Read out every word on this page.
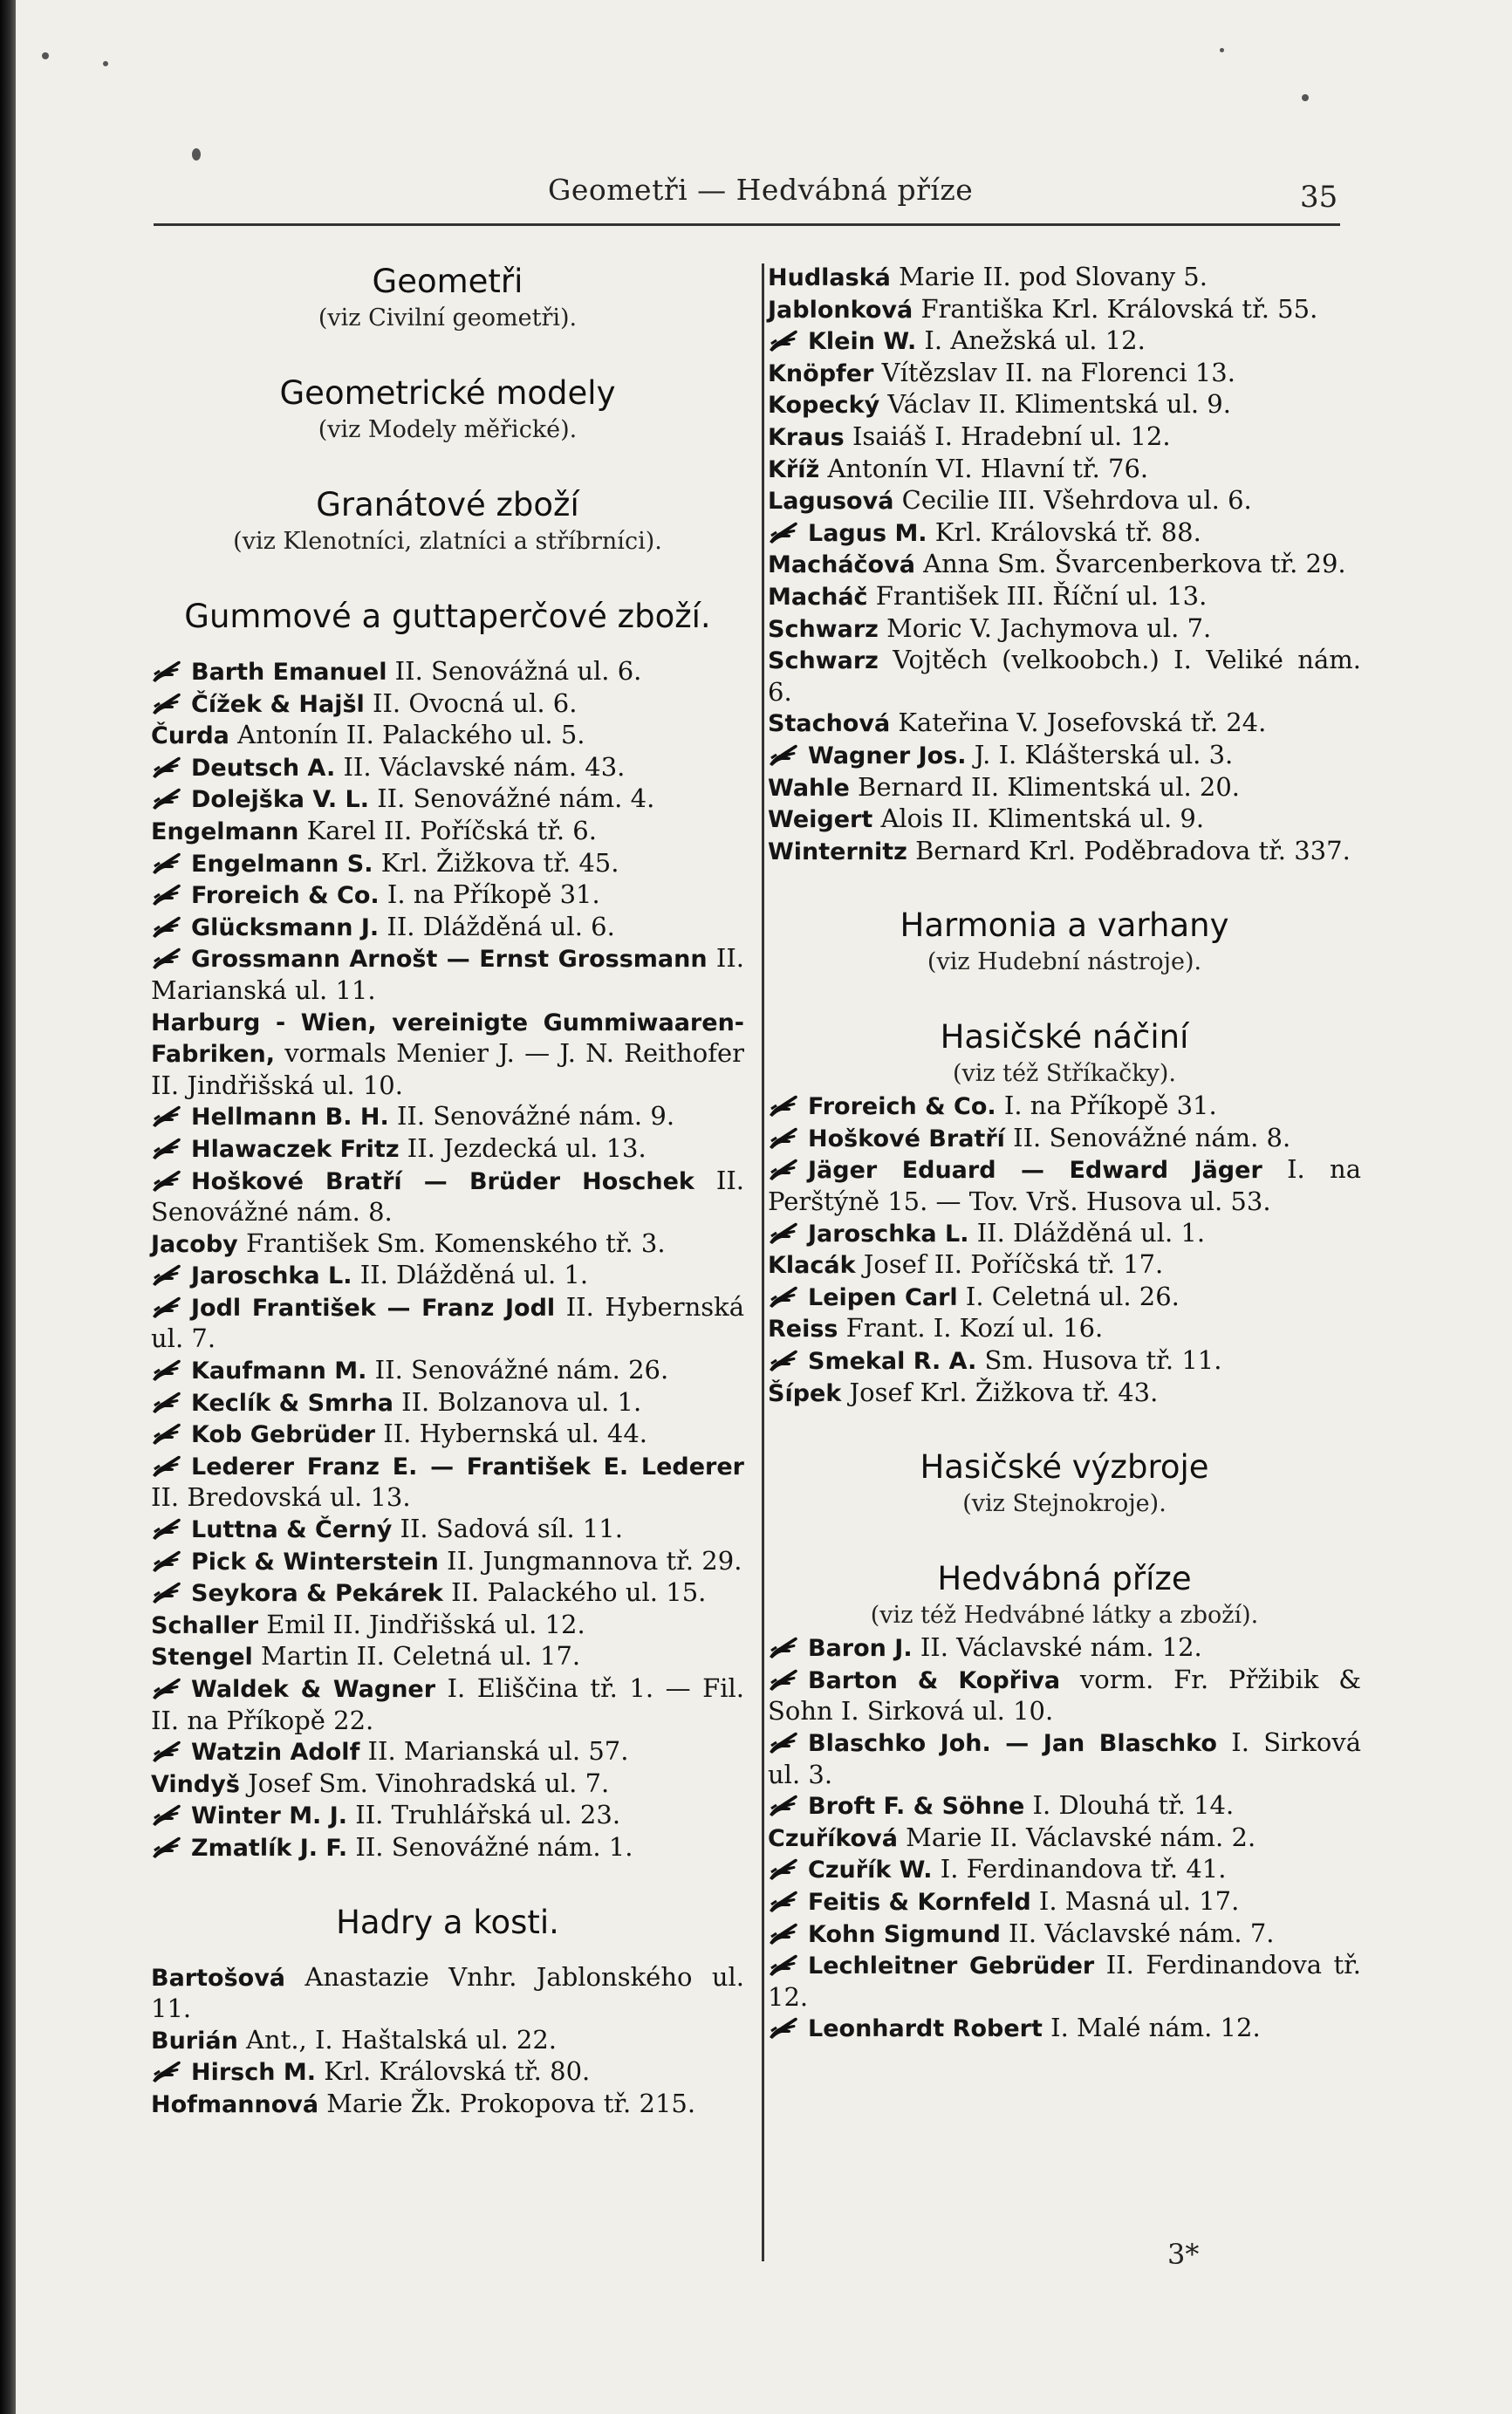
Geometři — Hedvábná příze	35
Geometři
(viz Civilní geometři).
Geometrické modely
(viz Modely měřické).
Granátové zboží
(viz Klenotníci, zlatníci a stříbrníci).
Gummové a guttaperčové zboží.
Barth Emanuel II. Senovážná ul. 6.
Čížek & Hajšl II. Ovocná ul. 6.
Čurda Antonín II. Palackého ul. 5.
Deutsch A. II. Václavské nám. 43.
Dolejška V. L. II. Senovážné nám. 4.
Engelmann Karel II. Poříčská tř. 6.
Engelmann S. Krl. Žižkova tř. 45.
Froreich & Co. I. na Příkopě 31.
Glücksmann J. II. Dlážděná ul. 6.
Grossmann Arnošt — Ernst Grossmann II. Marianská ul. 11.
Harburg - Wien, vereinigte Gummiwaaren-Fabriken, vormals Menier J. — J. N. Reithofer II. Jindřišská ul. 10.
Hellmann B. H. II. Senovážné nám. 9.
Hlawaczek Fritz II. Jezdecká ul. 13.
Hoškové Bratří — Brüder Hoschek II. Senovážné nám. 8.
Jacoby František Sm. Komenského tř. 3.
Jaroschka L. II. Dlážděná ul. 1.
Jodl František — Franz Jodl II. Hybernská ul. 7.
Kaufmann M. II. Senovážné nám. 26.
Keclík & Smrha II. Bolzanova ul. 1.
Kob Gebrüder II. Hybernská ul. 44.
Lederer Franz E. — František E. Lederer II. Bredovská ul. 13.
Luttna & Černý II. Sadová síl. 11.
Pick & Winterstein II. Jungmannova tř. 29.
Seykora & Pekárek II. Palackého ul. 15.
Schaller Emil II. Jindřišská ul. 12.
Stengel Martin II. Celetná ul. 17.
Waldek & Wagner I. Eliščina tř. 1. — Fil. II. na Příkopě 22.
Watzin Adolf II. Marianská ul. 57.
Vindyš Josef Sm. Vinohradská ul. 7.
Winter M. J. II. Truhlářská ul. 23.
Zmatlík J. F. II. Senovážné nám. 1.
Hadry a kosti.
Bartošová Anastazie Vnhr. Jablonského ul. 11.
Burián Ant., I. Haštalská ul. 22.
Hirsch M. Krl. Královská tř. 80.
Hofmannová Marie Žk. Prokopova tř. 215.
Hudlaská Marie II. pod Slovany 5.
Jablonková Františka Krl. Královská tř. 55.
Klein W. I. Anežská ul. 12.
Knöpfer Vítězslav II. na Florenci 13.
Kopecký Václav II. Klimentská ul. 9.
Kraus Isaiáš I. Hradební ul. 12.
Kříž Antonín VI. Hlavní tř. 76.
Lagusová Cecilie III. Všehrdova ul. 6.
Lagus M. Krl. Královská tř. 88.
Macháčová Anna Sm. Švarcenberkova tř. 29.
Macháč František III. Říční ul. 13.
Schwarz Moric V. Jachymova ul. 7.
Schwarz Vojtěch (velkoobch.) I. Veliké nám. 6.
Stachová Kateřina V. Josefovská tř. 24.
Wagner Jos. J. I. Klášterská ul. 3.
Wahle Bernard II. Klimentská ul. 20.
Weigert Alois II. Klimentská ul. 9.
Winternitz Bernard Krl. Poděbradova tř. 337.
Harmonia a varhany
(viz Hudební nástroje).
Hasičské náčiní
(viz též Stříkačky).
Froreich & Co. I. na Příkopě 31.
Hoškové Bratří II. Senovážné nám. 8.
Jäger Eduard — Edward Jäger I. na Perštýně 15. — Tov. Vrš. Husova ul. 53.
Jaroschka L. II. Dlážděná ul. 1.
Klacák Josef II. Poříčská tř. 17.
Leipen Carl I. Celetná ul. 26.
Reiss Frant. I. Kozí ul. 16.
Smekal R. A. Sm. Husova tř. 11.
Šípek Josef Krl. Žižkova tř. 43.
Hasičské výzbroje
(viz Stejnokroje).
Hedvábná příze
(viz též Hedvábné látky a zboží).
Baron J. II. Václavské nám. 12.
Barton & Kopřiva vorm. Fr. Přžibik & Sohn I. Sirková ul. 10.
Blaschko Joh. — Jan Blaschko I. Sirková ul. 3.
Broft F. & Söhne I. Dlouhá tř. 14.
Czuříková Marie II. Václavské nám. 2.
Czuřík W. I. Ferdinandova tř. 41.
Feitis & Kornfeld I. Masná ul. 17.
Kohn Sigmund II. Václavské nám. 7.
Lechleitner Gebrüder II. Ferdinandova tř. 12.
Leonhardt Robert I. Malé nám. 12.
3*
